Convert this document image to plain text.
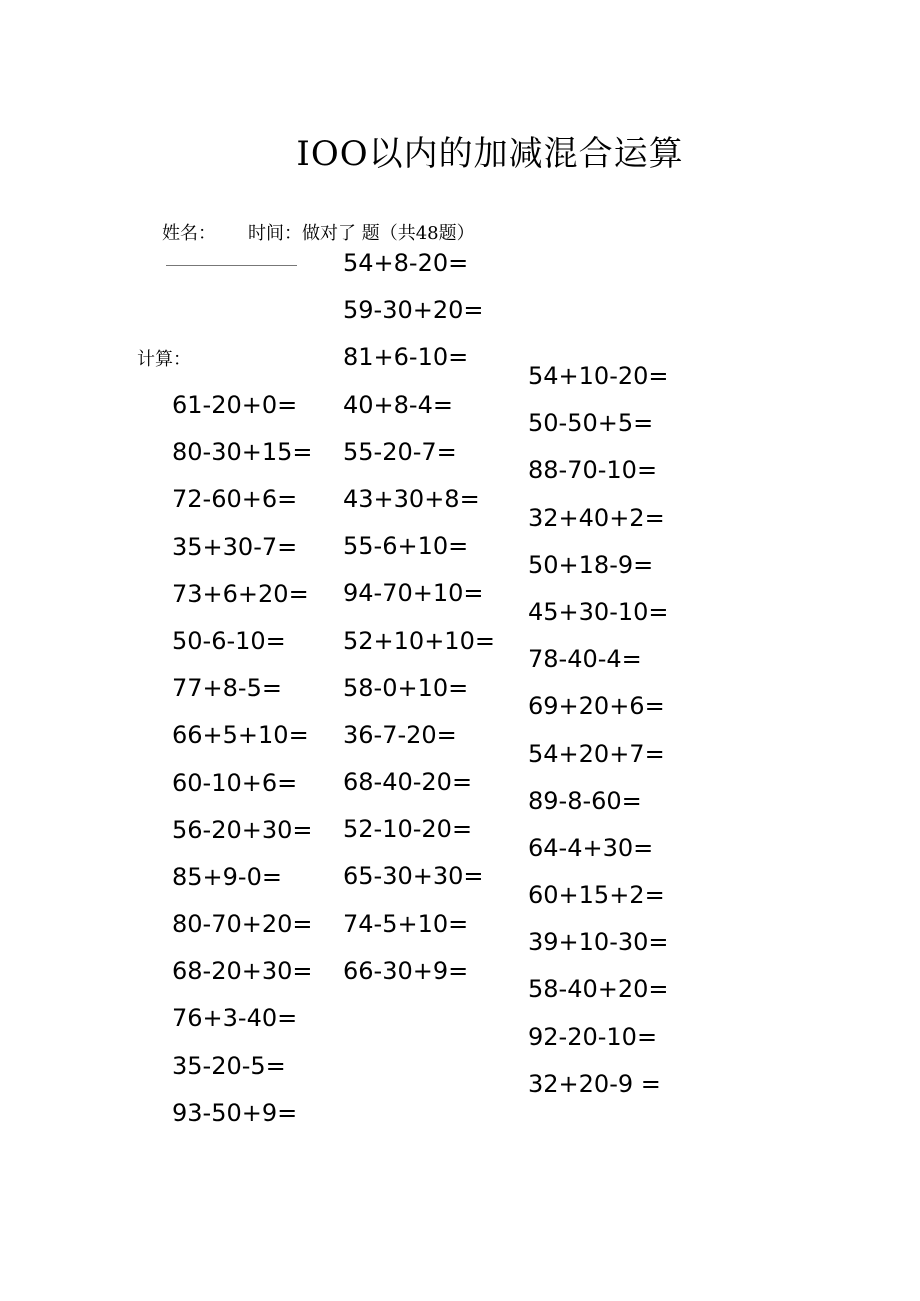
IOO以内的加减混合运算
姓名： 时间：做对了 题（共48题）
计算：
61-20+0=
80-30+15=
72-60+6=
35+30-7=
73+6+20=
50-6-10=
77+8-5=
66+5+10=
60-10+6=
56-20+30=
85+9-0=
80-70+20=
68-20+30=
76+3-40=
35-20-5=
93-50+9=
54+8-20=
59-30+20=
81+6-10=
40+8-4=
55-20-7=
43+30+8=
55-6+10=
94-70+10=
52+10+10=
58-0+10=
36-7-20=
68-40-20=
52-10-20=
65-30+30=
74-5+10=
66-30+9=
54+10-20=
50-50+5=
88-70-10=
32+40+2=
50+18-9=
45+30-10=
78-40-4=
69+20+6=
54+20+7=
89-8-60=
64-4+30=
60+15+2=
39+10-30=
58-40+20=
92-20-10=
32+20-9 =
